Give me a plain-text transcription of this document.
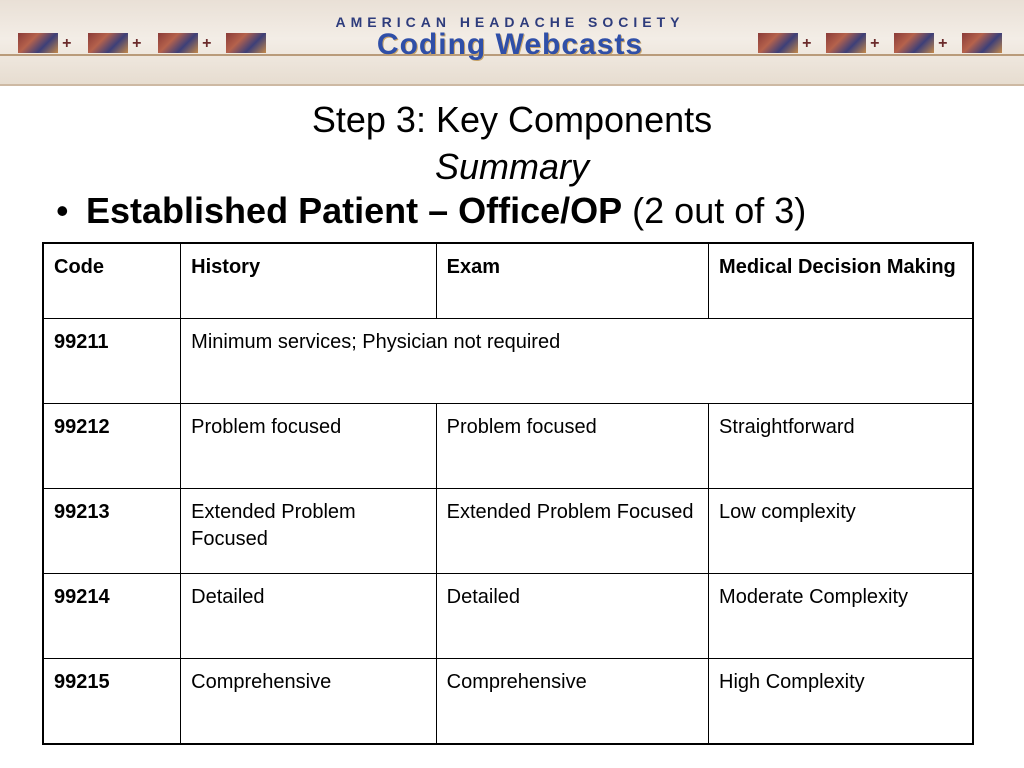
+	+	+
AMERICAN HEADACHE SOCIETY
Coding Webcasts	+	+	+
Step 3: Key Components
Summary
• Established Patient – Office/OP (2 out of 3)
Code	History	Exam	Medical Decision Making
99211	Minimum services; Physician not required		
99212	Problem focused	Problem focused	Straightforward
99213	Extended Problem Focused	Extended Problem Focused	Low complexity
99214	Detailed	Detailed	Moderate Complexity
99215	Comprehensive	Comprehensive	High Complexity
